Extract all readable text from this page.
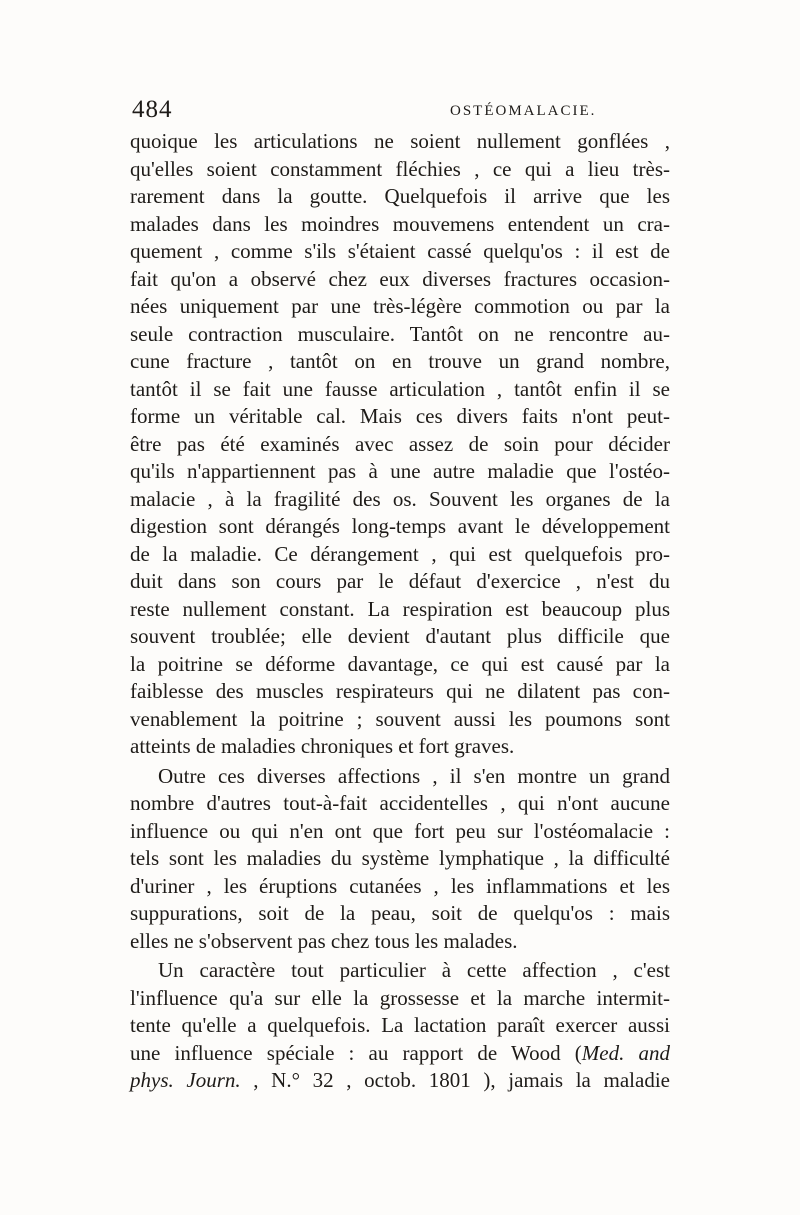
484	OSTÉOMALACIE.
quoique les articulations ne soient nullement gonflées ,
qu'elles soient constamment fléchies , ce qui a lieu très-
rarement dans la goutte. Quelquefois il arrive que les
malades dans les moindres mouvemens entendent un cra-
quement , comme s'ils s'étaient cassé quelqu'os : il est de
fait qu'on a observé chez eux diverses fractures occasion-
nées uniquement par une très-légère commotion ou par la
seule contraction musculaire. Tantôt on ne rencontre au-
cune fracture , tantôt on en trouve un grand nombre,
tantôt il se fait une fausse articulation , tantôt enfin il se
forme un véritable cal. Mais ces divers faits n'ont peut-
être pas été examinés avec assez de soin pour décider
qu'ils n'appartiennent pas à une autre maladie que l'ostéo-
malacie , à la fragilité des os. Souvent les organes de la
digestion sont dérangés long-temps avant le développement
de la maladie. Ce dérangement , qui est quelquefois pro-
duit dans son cours par le défaut d'exercice , n'est du
reste nullement constant. La respiration est beaucoup plus
souvent troublée; elle devient d'autant plus difficile que
la poitrine se déforme davantage, ce qui est causé par la
faiblesse des muscles respirateurs qui ne dilatent pas con-
venablement la poitrine ; souvent aussi les poumons sont
atteints de maladies chroniques et fort graves.
Outre ces diverses affections , il s'en montre un grand
nombre d'autres tout-à-fait accidentelles , qui n'ont aucune
influence ou qui n'en ont que fort peu sur l'ostéomalacie :
tels sont les maladies du système lymphatique , la difficulté
d'uriner , les éruptions cutanées , les inflammations et les
suppurations, soit de la peau, soit de quelqu'os : mais
elles ne s'observent pas chez tous les malades.
Un caractère tout particulier à cette affection , c'est
l'influence qu'a sur elle la grossesse et la marche intermit-
tente qu'elle a quelquefois. La lactation paraît exercer aussi
une influence spéciale : au rapport de Wood (Med. and
phys. Journ. , N.° 32 , octob. 1801 ), jamais la maladie
